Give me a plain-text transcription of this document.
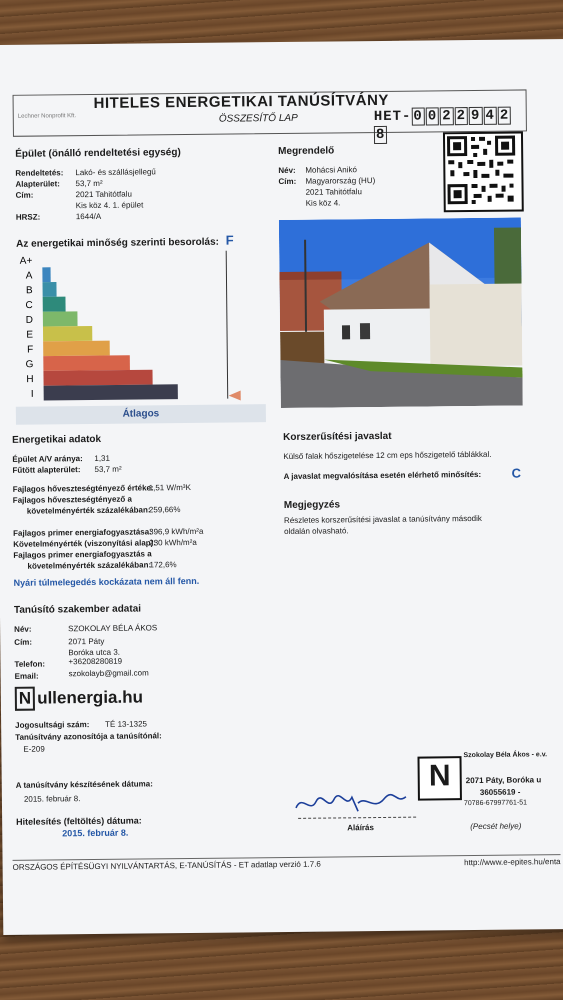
Lechner Nonprofit Kft.
HITELES ENERGETIKAI TANÚSÍTVÁNY
ÖSSZESÍTŐ LAP	HET- 0 0 2 2 9 4 28
Épület (önálló rendeltetési egység)
Rendeltetés: Lakó- és szállásjellegű
Alapterület: 53,7 m²
Cím:	2021 Tahitótfalu
Kis köz 4. 1. épület
HRSZ:	1644/A
Megrendelő
Név: Mohácsi Anikó
Cím: Magyarország (HU)
2021 Tahitótfalu
Kis köz 4.
Az energetikai minőség szerinti besorolás: F
A+
A
B
C
D
E
F
G
H
I
Átlagos
Energetikai adatok
Épület A/V aránya: 1,31
Fűtött alapterület: 53,7 m²
Fajlagos hőveszteségtényező értéke:
1,51 W/m³K
Fajlagos hőveszteségtényező a
követelményérték százalékában:
259,66%
Fajlagos primer energiafogyasztása:
396,9 kWh/m²a
Követelményérték (viszonyítási alap):
230 kWh/m²a
Fajlagos primer energiafogyasztás a
követelményérték százalékában:
172,6%
Nyári túlmelegedés kockázata nem áll fenn.
Korszerűsítési javaslat
Külső falak hőszigetelése 12 cm eps hőszigetelő táblákkal.
A javaslat megvalósítása esetén elérhető minősítés: C
Megjegyzés
Részletes korszerűsítési javaslat a tanúsítvány második
oldalán olvasható.
Tanúsító szakember adatai
Név:	SZOKOLAY BÉLA ÁKOS
Cím:	2071 Páty
Boróka utca 3.
Telefon:	+36208280819
Email:	szokolayb@gmail.com
N ullenergia.hu
Jogosultsági szám: TÉ 13-1325
Tanúsítvány azonosítója a tanúsítónál:
E-209
A tanúsítvány készítésének dátuma:
2015. február 8.
Hitelesítés (feltöltés) dátuma:
2015. február 8.	Aláírás
N
Szokolay Béla Ákos - e.v.
2071 Páty, Boróka u
36055619 -
70786-67997761-51
(Pecsét helye)
ORSZÁGOS ÉPÍTÉSÜGYI NYILVÁNTARTÁS, E-TANÚSÍTÁS - ET adatlap verzió 1.7.6	http://www.e-epites.hu/enta
